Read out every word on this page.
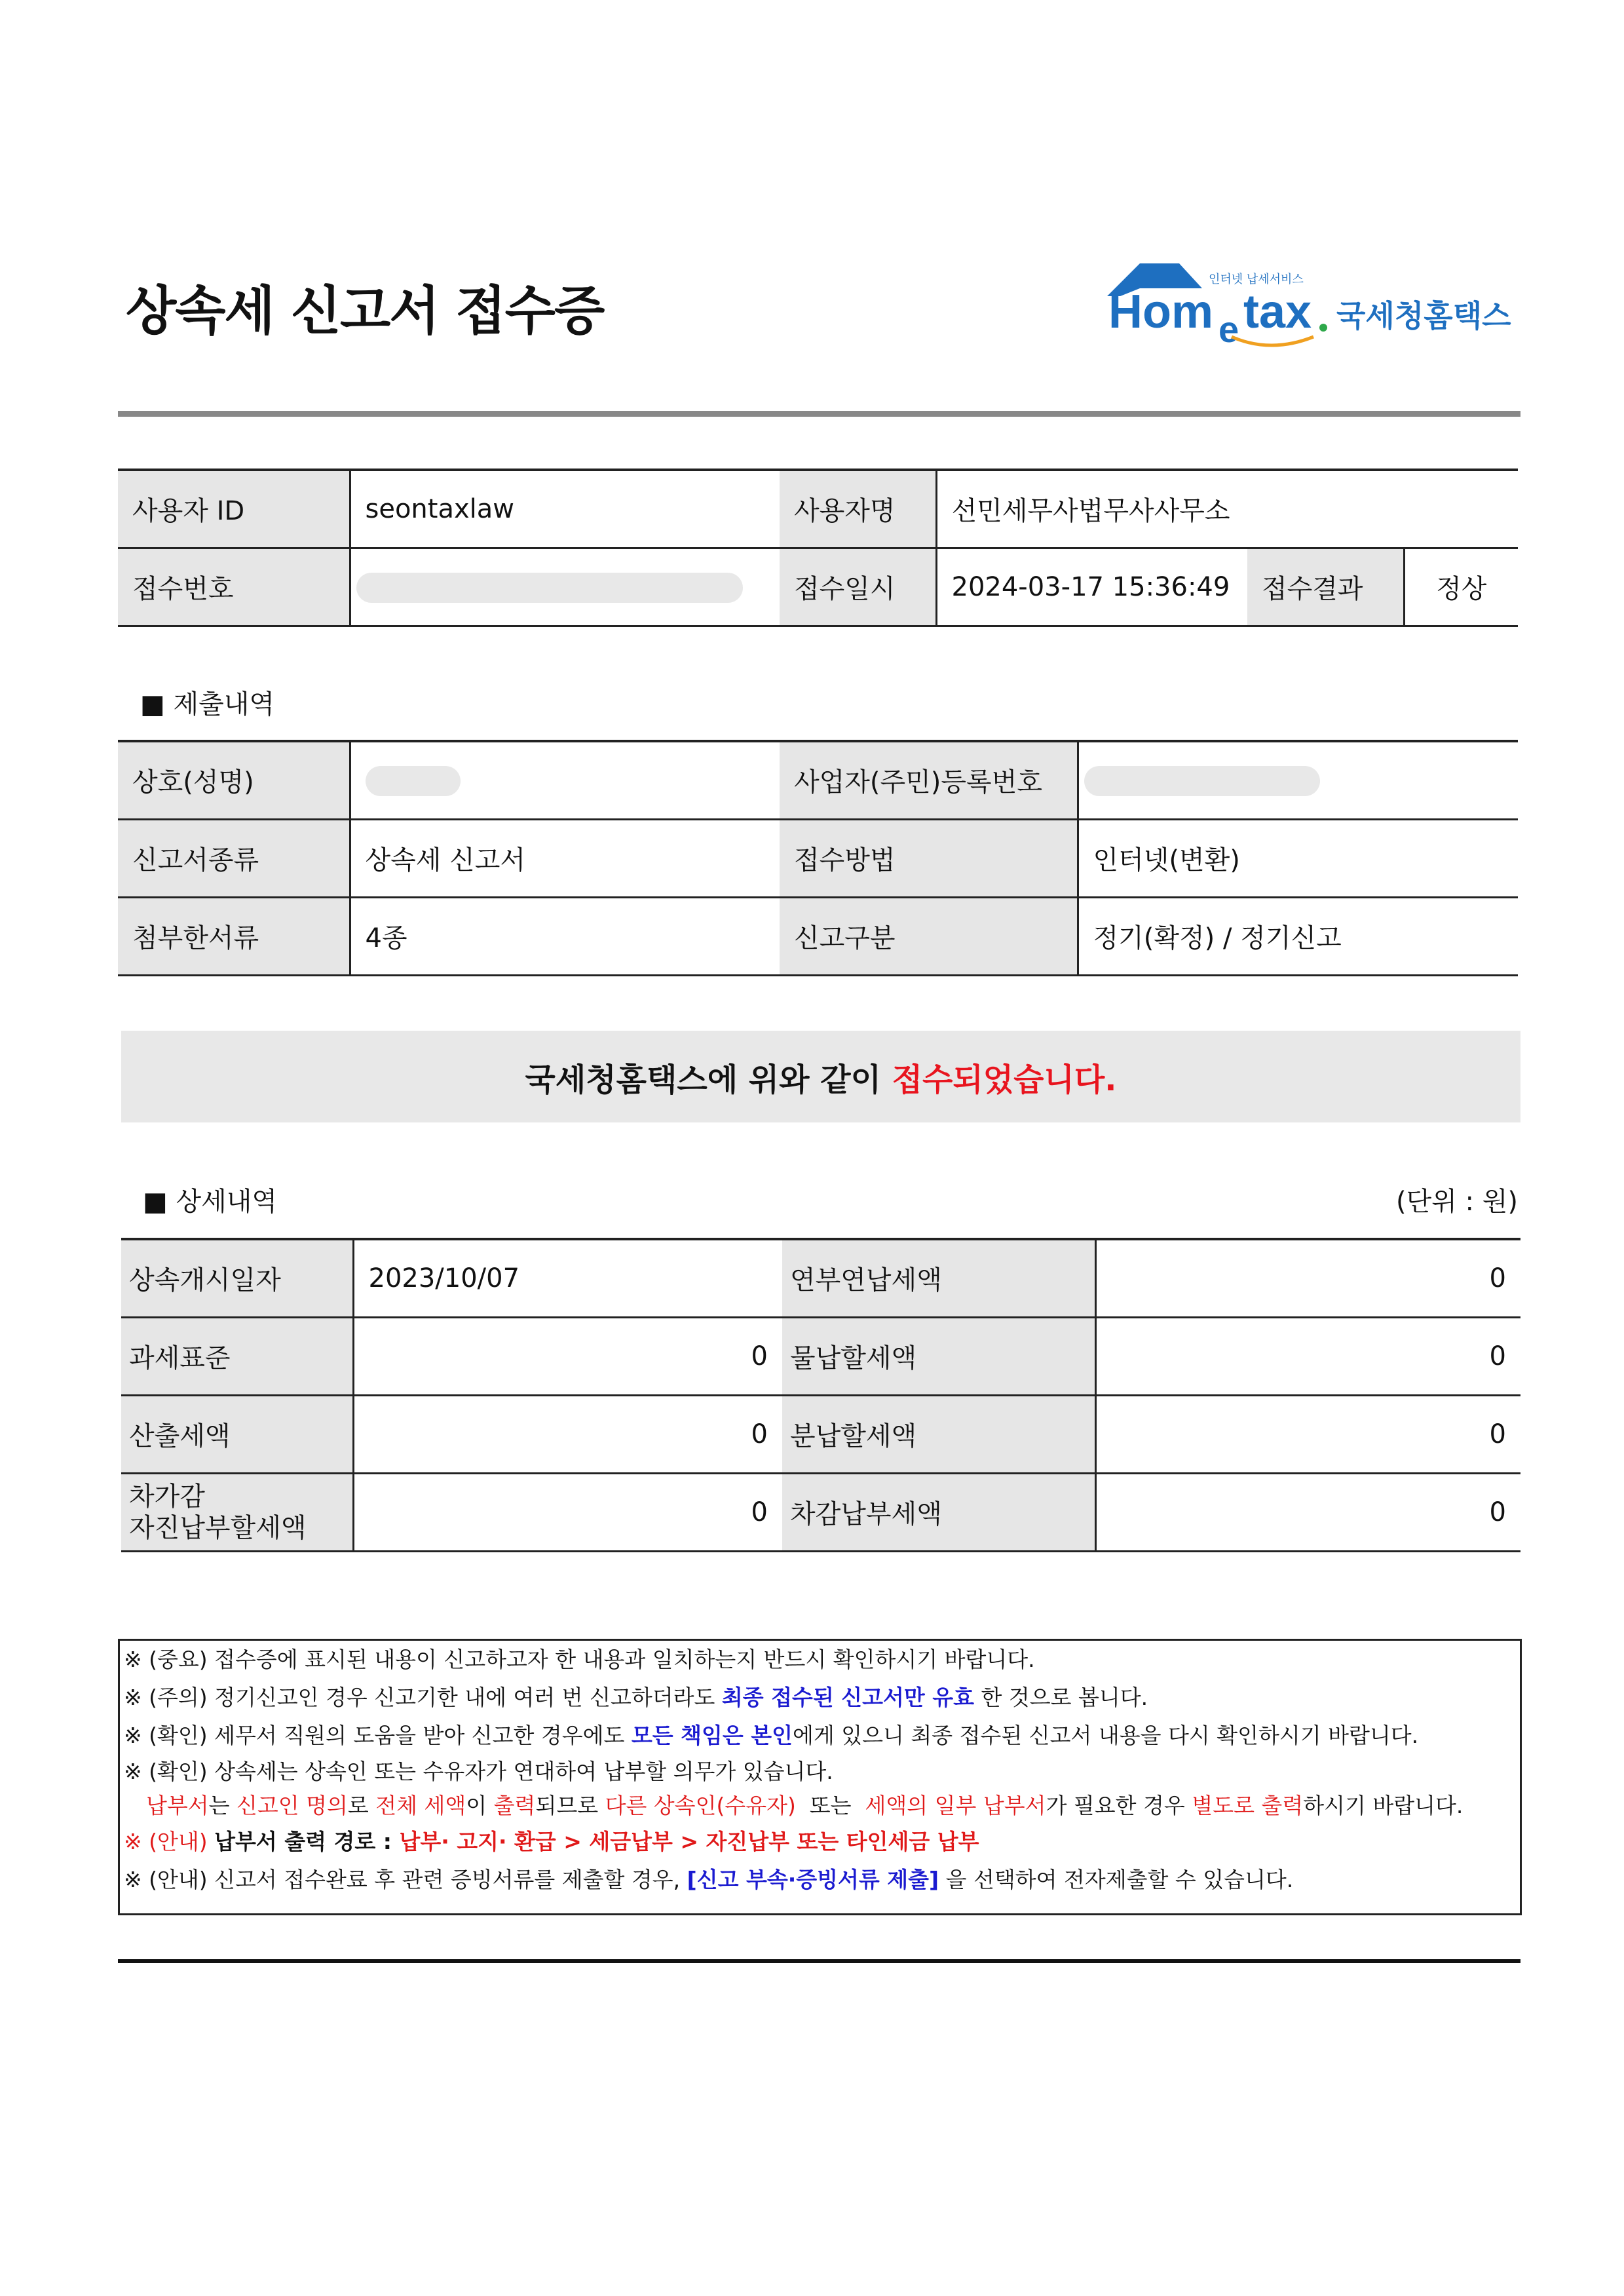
상속세 신고서 접수증
인터넷 납세서비스
Hom e tax 국세청홈택스
사용자 ID	seontaxlaw	사용자명	선민세무사법무사사무소		
접수번호		접수일시	2024-03-17 15:36:49	접수결과	정상
■ 제출내역
상호(성명)		사업자(주민)등록번호	
신고서종류	상속세 신고서	접수방법	인터넷(변환)
첨부한서류	4종	신고구분	정기(확정) / 정기신고
국세청홈택스에 위와 같이 접수되었습니다.
■ 상세내역	(단위 : 원)
상속개시일자	2023/10/07	연부연납세액	0
과세표준	0	물납할세액	0
산출세액	0	분납할세액	0

차가감
자진납부할세액	0	차감납부세액	0
※ (중요) 접수증에 표시된 내용이 신고하고자 한 내용과 일치하는지 반드시 확인하시기 바랍니다.
※ (주의) 정기신고인 경우 신고기한 내에 여러 번 신고하더라도 최종 접수된 신고서만 유효 한 것으로 봅니다.
※ (확인) 세무서 직원의 도움을 받아 신고한 경우에도 모든 책임은 본인에게 있으니 최종 접수된 신고서 내용을 다시 확인하시기 바랍니다.
※ (확인) 상속세는 상속인 또는 수유자가 연대하여 납부할 의무가 있습니다.
납부서는 신고인 명의로 전체 세액이 출력되므로 다른 상속인(수유자)  또는  세액의 일부 납부서가 필요한 경우 별도로 출력하시기 바랍니다.
※ (안내) 납부서 출력 경로 : 납부· 고지· 환급 > 세금납부 > 자진납부 또는 타인세금 납부
※ (안내) 신고서 접수완료 후 관련 증빙서류를 제출할 경우, [신고 부속·증빙서류 제출] 을 선택하여 전자제출할 수 있습니다.
